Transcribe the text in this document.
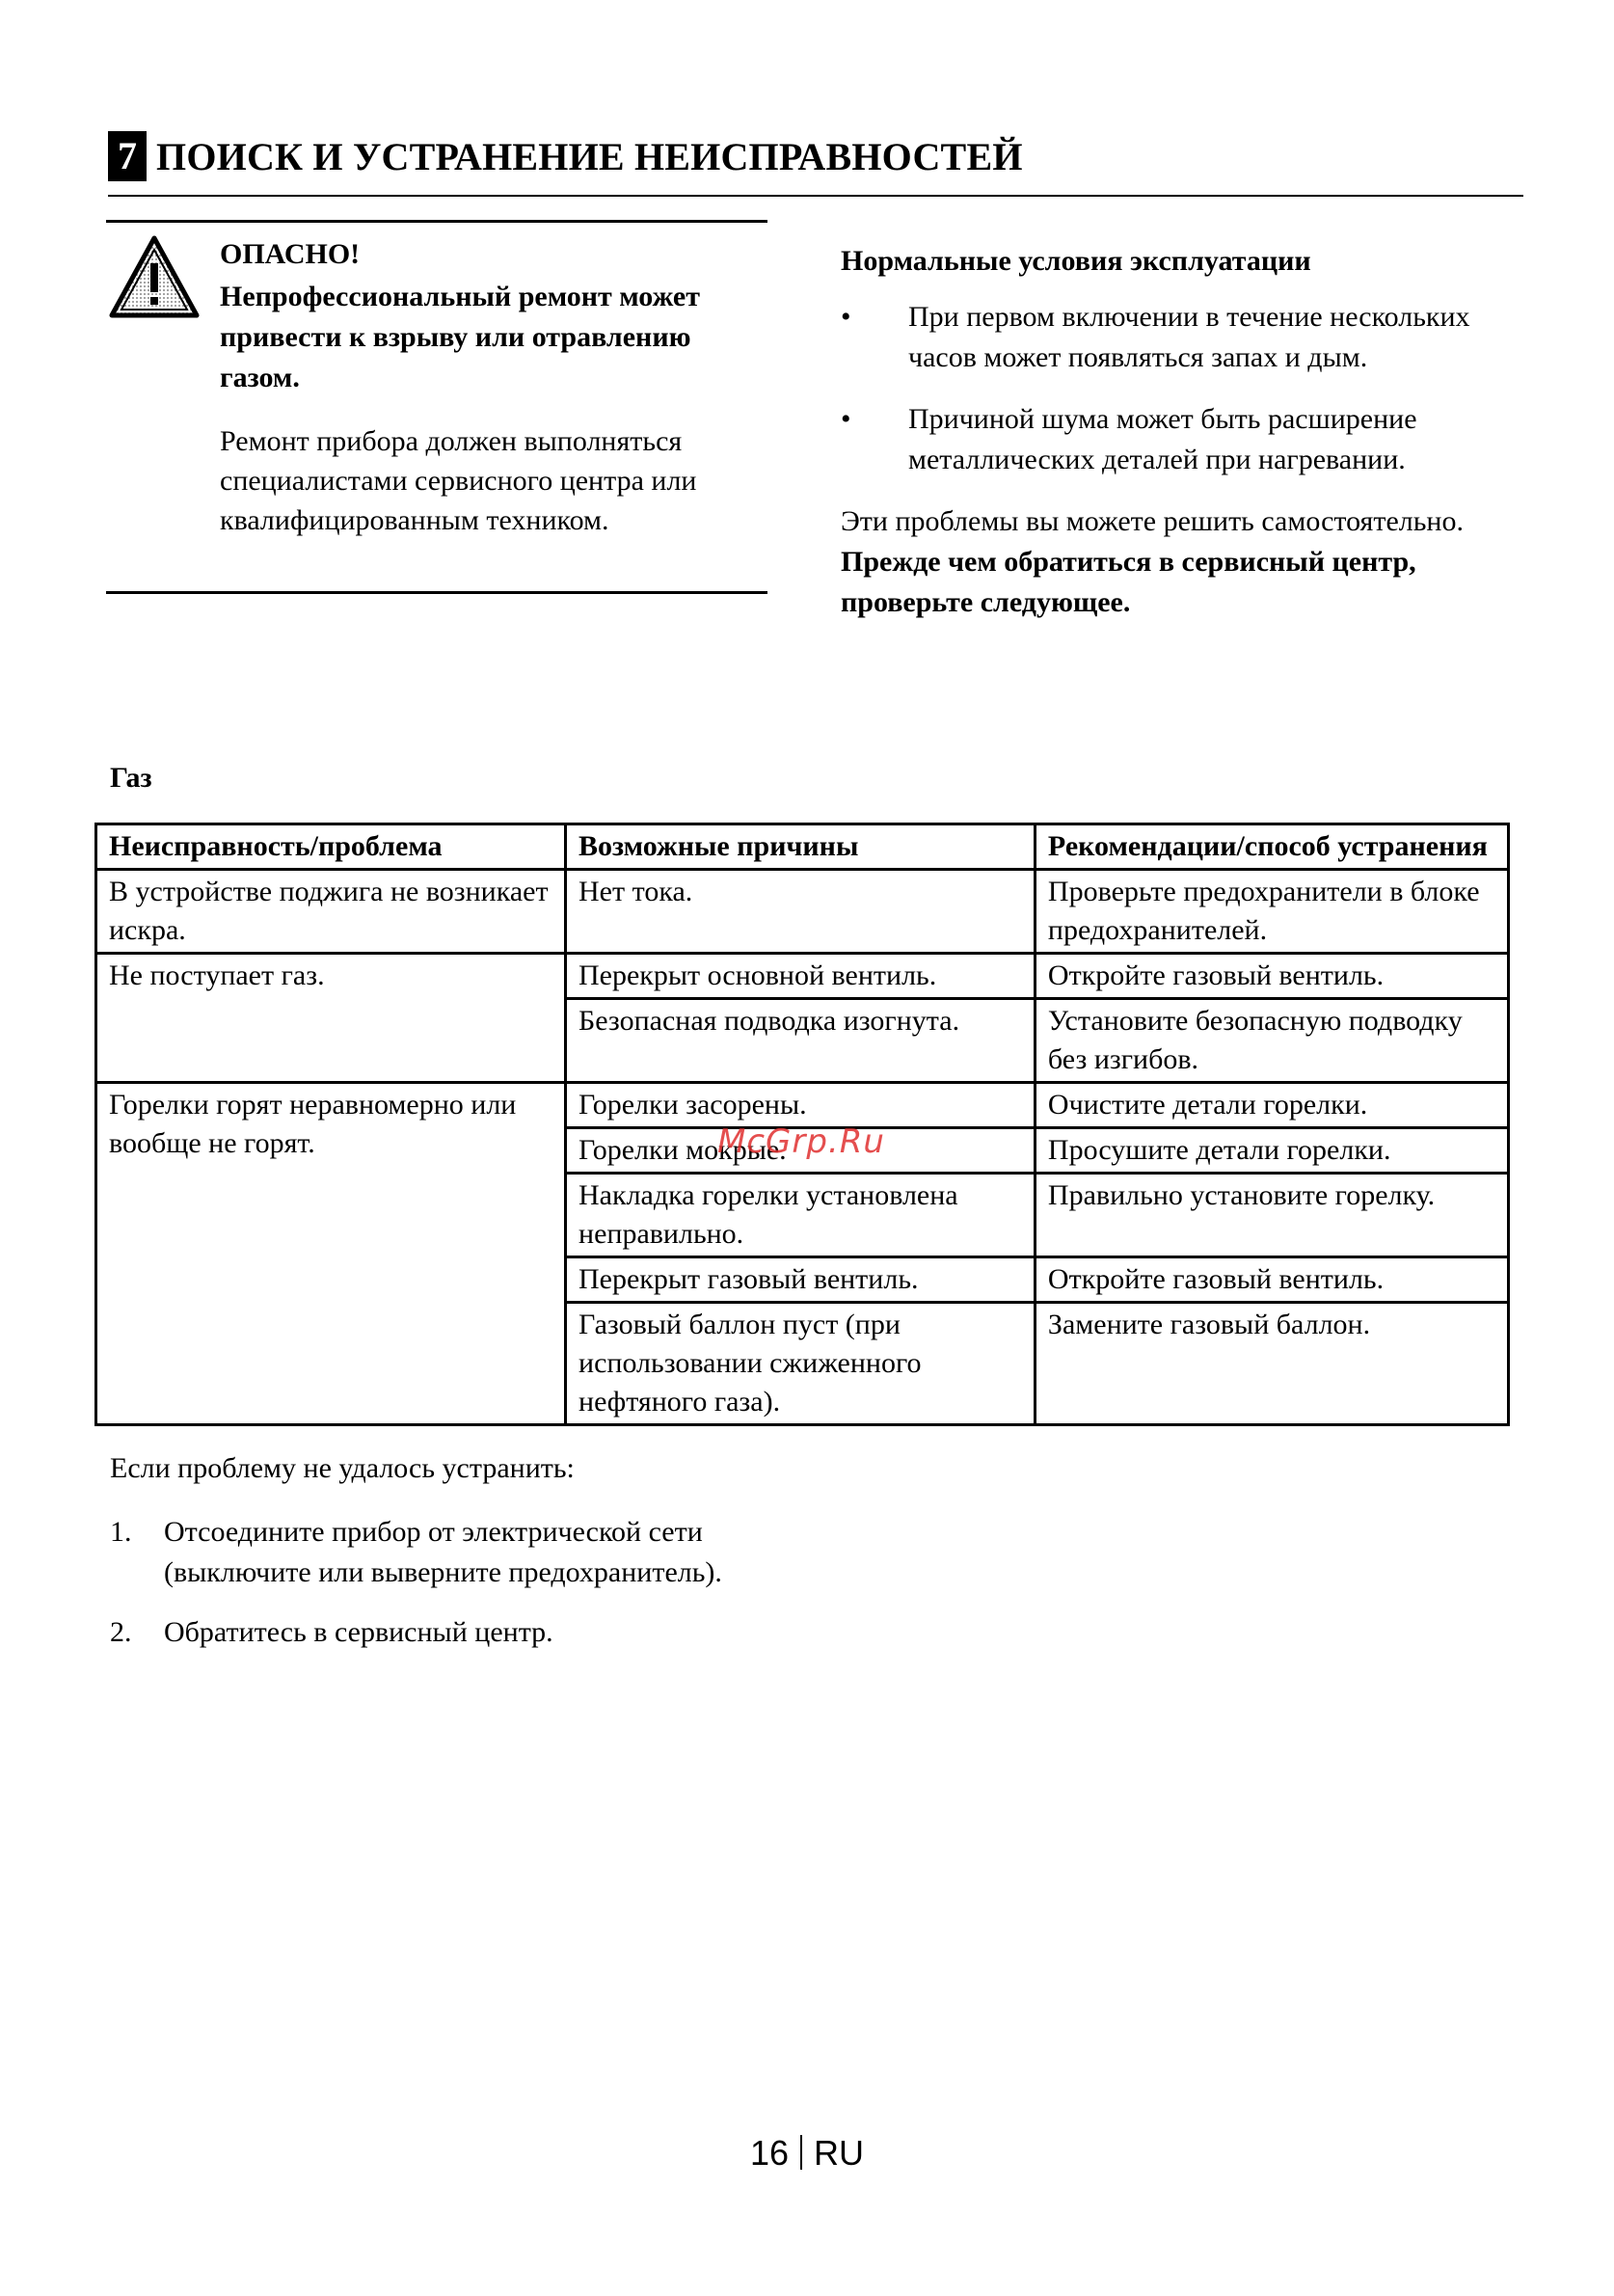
7 ПОИСК И УСТРАНЕНИЕ НЕИСПРАВНОСТЕЙ
ОПАСНО!
Непрофессиональный ремонт может привести к взрыву или отравлению газом.
Ремонт прибора должен выполняться специалистами сервисного центра или квалифицированным техником.
Нормальные условия эксплуатации
• При первом включении в течение нескольких часов может появляться запах и дым.
• Причиной шума может быть расширение металлических деталей при нагревании.
Эти проблемы вы можете решить самостоятельно. Прежде чем обратиться в сервисный центр, проверьте следующее.
Газ
Неисправность/проблема	Возможные причины	Рекомендации/способ устранения
В устройстве поджига не возникает искра.	Нет тока.	Проверьте предохранители в блоке предохранителей.
Не поступает газ.	Перекрыт основной вентиль.	Откройте газовый вентиль.
	Безопасная подводка изогнута.	Установите безопасную подводку без изгибов.
Горелки горят неравномерно или вообще не горят.	Горелки засорены.	Очистите детали горелки.
	Горелки мокрые.	Просушите детали горелки.
	Накладка горелки установлена неправильно.	Правильно установите горелку.
	Перекрыт газовый вентиль.	Откройте газовый вентиль.
	Газовый баллон пуст (при использовании сжиженного нефтяного газа).	Замените газовый баллон.
McGrp.Ru
Если проблему не удалось устранить:
1. Отсоедините прибор от электрической сети (выключите или выверните предохранитель).
2. Обратитесь в сервисный центр.
16 RU
